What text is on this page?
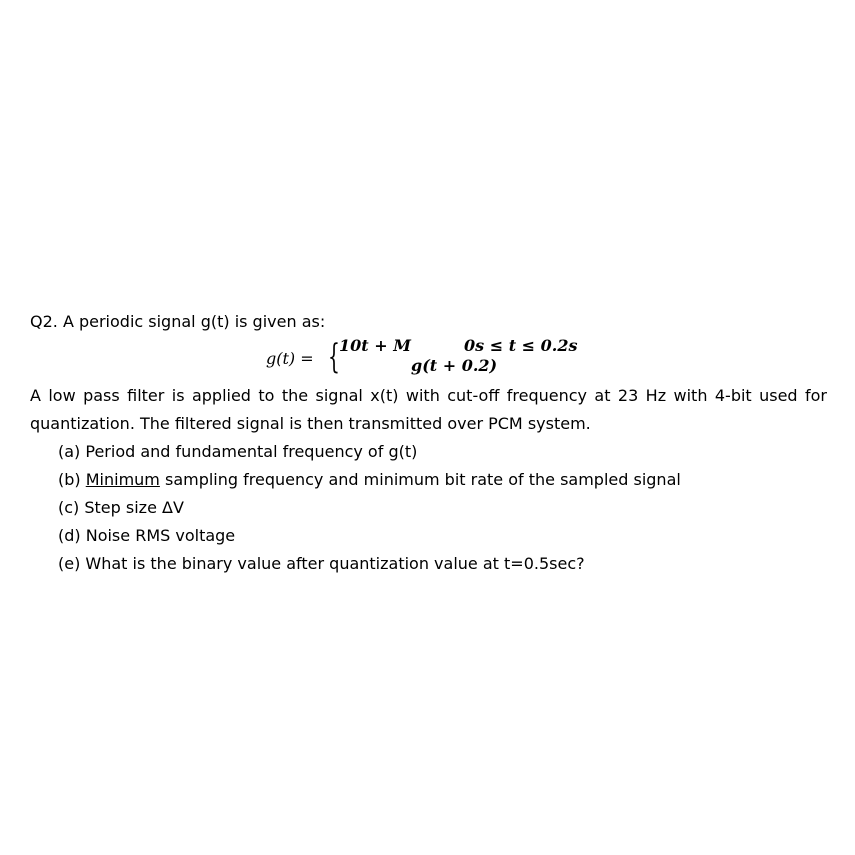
Q2. A periodic signal g(t) is given as:
g(t) = { 10t + M	0s ≤ t ≤ 0.2s
g(t + 0.2)
A low pass filter is applied to the signal x(t) with cut-off frequency at 23 Hz with 4-bit used for
quantization. The filtered signal is then transmitted over PCM system.
(a) Period and fundamental frequency of g(t)
(b) Minimum sampling frequency and minimum bit rate of the sampled signal
(c) Step size ΔV
(d) Noise RMS voltage
(e) What is the binary value after quantization value at t=0.5sec?
